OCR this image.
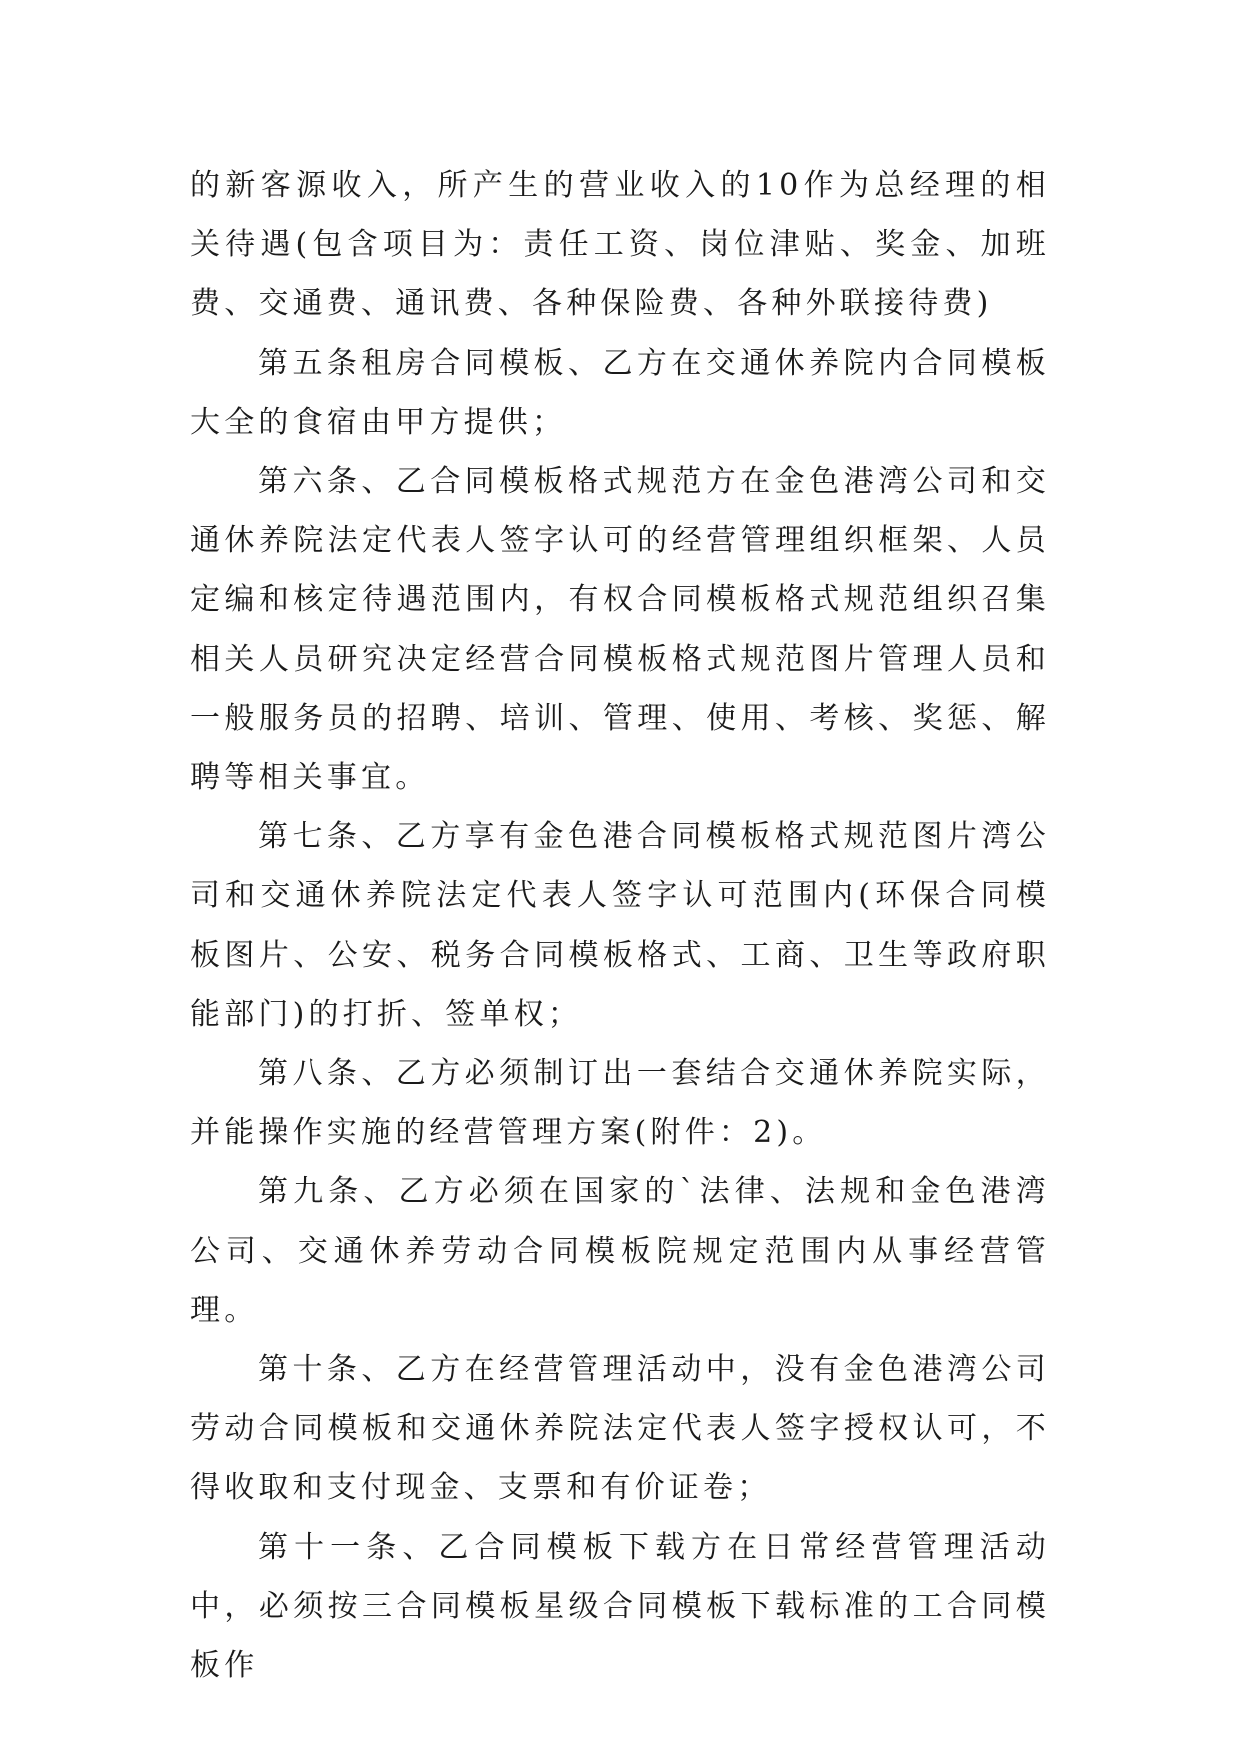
的新客源收入，所产生的营业收入的10作为总经理的相关待遇(包含项目为：责任工资、岗位津贴、奖金、加班费、交通费、通讯费、各种保险费、各种外联接待费)

第五条租房合同模板、乙方在交通休养院内合同模板大全的食宿由甲方提供；

第六条、乙合同模板格式规范方在金色港湾公司和交通休养院法定代表人签字认可的经营管理组织框架、人员定编和核定待遇范围内，有权合同模板格式规范组织召集相关人员研究决定经营合同模板格式规范图片管理人员和一般服务员的招聘、培训、管理、使用、考核、奖惩、解聘等相关事宜。

第七条、乙方享有金色港合同模板格式规范图片湾公司和交通休养院法定代表人签字认可范围内(环保合同模板图片、公安、税务合同模板格式、工商、卫生等政府职能部门)的打折、签单权；

第八条、乙方必须制订出一套结合交通休养院实际，并能操作实施的经营管理方案(附件：2)。

第九条、乙方必须在国家的`法律、法规和金色港湾公司、交通休养劳动合同模板院规定范围内从事经营管理。

第十条、乙方在经营管理活动中，没有金色港湾公司劳动合同模板和交通休养院法定代表人签字授权认可，不得收取和支付现金、支票和有价证卷；

第十一条、乙合同模板下载方在日常经营管理活动中，必须按三合同模板星级合同模板下载标准的工合同模板作
